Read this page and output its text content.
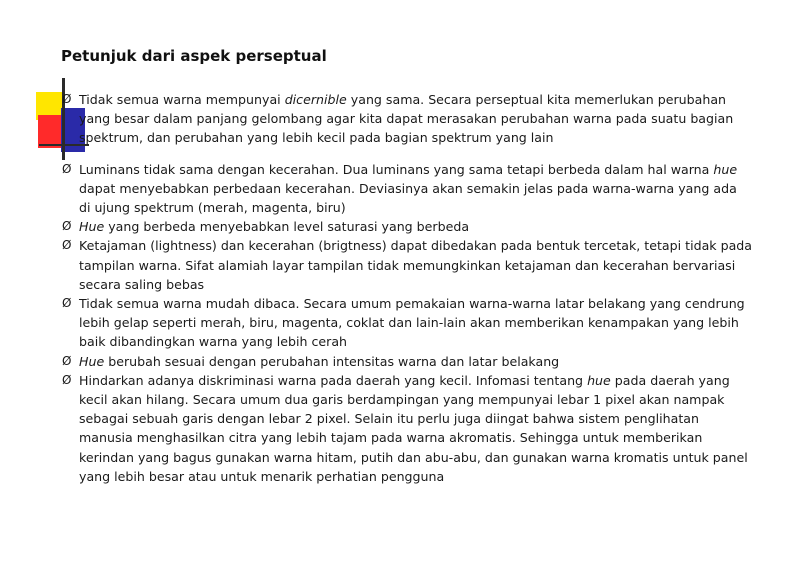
Petunjuk dari aspek perseptual
Ø Tidak semua warna mempunyai dicernible yang sama. Secara perseptual kita memerlukan perubahan yang besar dalam panjang gelombang agar kita dapat merasakan perubahan warna pada suatu bagian spektrum, dan perubahan yang lebih kecil pada bagian spektrum yang lain
Ø Luminans tidak sama dengan kecerahan. Dua luminans yang sama tetapi berbeda dalam hal warna hue dapat menyebabkan perbedaan kecerahan. Deviasinya akan semakin jelas pada warna-warna yang ada di ujung spektrum (merah, magenta, biru)
Ø Hue yang berbeda menyebabkan level saturasi yang berbeda
Ø Ketajaman (lightness) dan kecerahan (brigtness) dapat dibedakan pada bentuk tercetak, tetapi tidak pada tampilan warna. Sifat alamiah layar tampilan tidak memungkinkan ketajaman dan kecerahan bervariasi secara saling bebas
Ø Tidak semua warna mudah dibaca. Secara umum pemakaian warna-warna latar belakang yang cendrung lebih gelap seperti merah, biru, magenta, coklat dan lain-lain akan memberikan kenampakan yang lebih baik dibandingkan warna yang lebih cerah
Ø Hue berubah sesuai dengan perubahan intensitas warna dan latar belakang
Ø Hindarkan adanya diskriminasi warna pada daerah yang kecil. Infomasi tentang hue pada daerah yang kecil akan hilang. Secara umum dua garis berdampingan yang mempunyai lebar 1 pixel akan nampak sebagai sebuah garis dengan lebar 2 pixel. Selain itu perlu juga diingat bahwa sistem penglihatan manusia menghasilkan citra yang lebih tajam pada warna akromatis. Sehingga untuk memberikan kerindan yang bagus gunakan warna hitam, putih dan abu-abu, dan gunakan warna kromatis untuk panel yang lebih besar atau untuk menarik perhatian pengguna
